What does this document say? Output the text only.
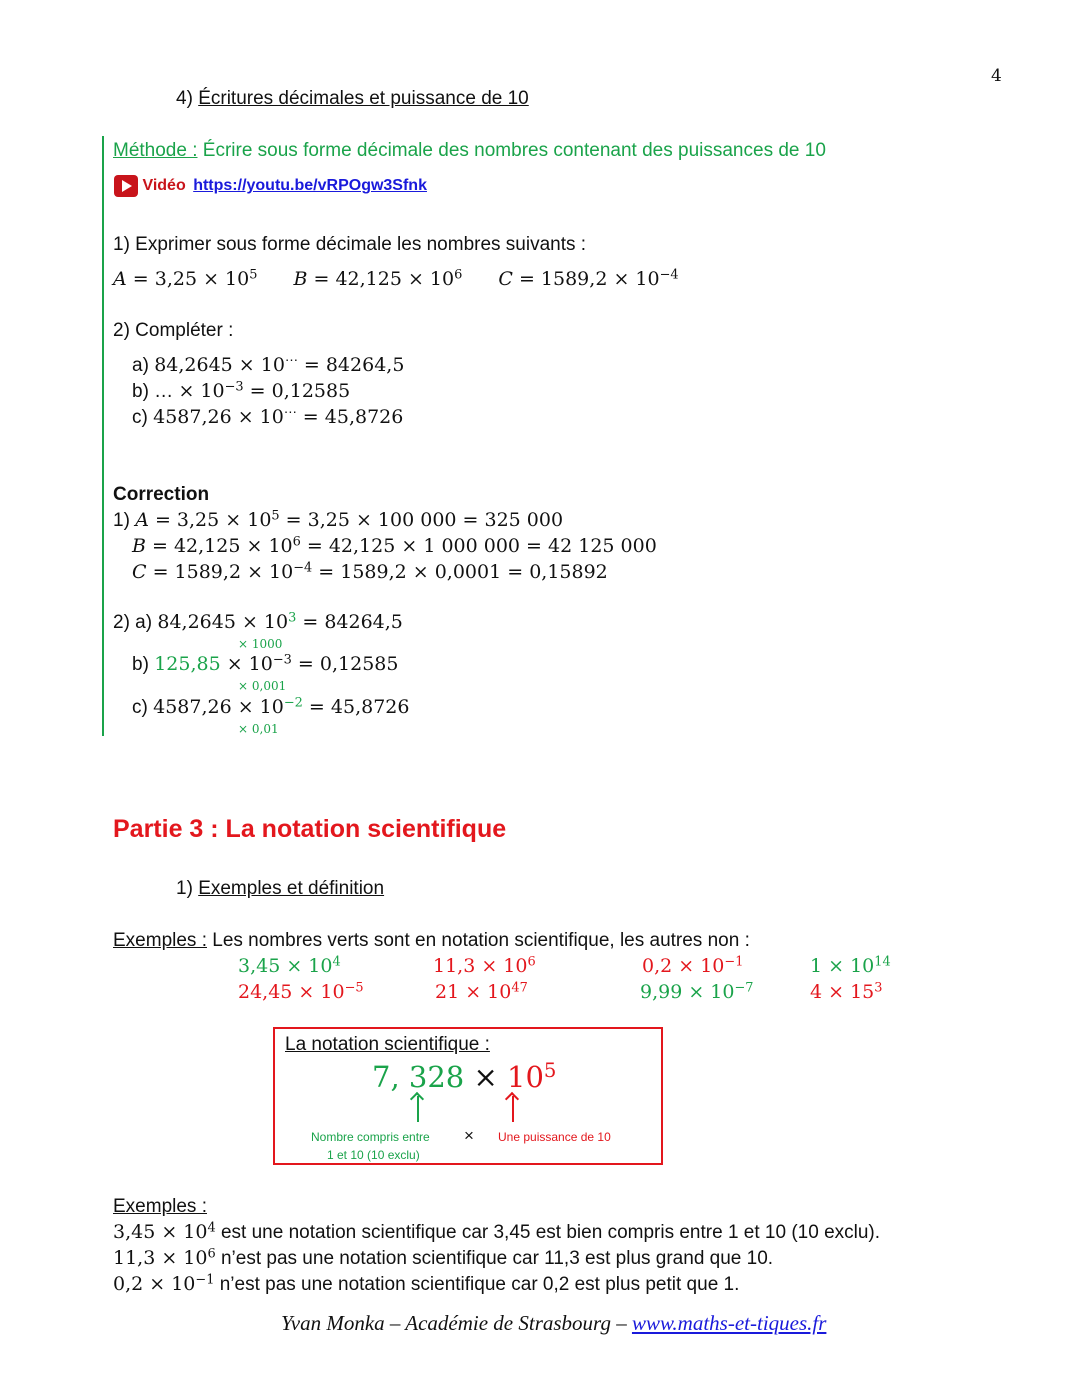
4
4) Écritures décimales et puissance de 10
Méthode : Écrire sous forme décimale des nombres contenant des puissances de 10
Vidéo https://youtu.be/vRPOgw3Sfnk
1) Exprimer sous forme décimale les nombres suivants :
$A = 3,25 \times 10^5$ $B = 42,125 \times 10^6$ $C = 1589,2 \times 10^{-4}$
2) Compléter :
a) 84,2645 × 10⋯ = 84264,5
b) … × $10^{-3} = 0,12585$
c) 4587,26 × 10⋯ = 45,8726
Correction
1) $A = 3,25 \times 10^5 = 3,25 \times 100$ 000 = 325 000
$B = 42,125 \times 10^6 = 42,125 \times 1$ 000 000 = 42 125 000
$C = 1589,2 \times 10^{-4} = 1589,2 \times 0,0001 = 0,15892$
2) a) $84,2645 \times 10^3 = 84264,5$
× 1000
b) $125,85 \times 10^{-3} = 0,12585$
× 0,001
c) $4587,26 \times 10^{-2} = 45,8726$
× 0,01
Partie 3 : La notation scientifique
1) Exemples et définition
Exemples : Les nombres verts sont en notation scientifique, les autres non :
$3,45 \times 10^4$	$11,3 \times 10^6$	$0,2 \times 10^{-1}$	$1 \times 10^{14}$
$24,45 \times 10^{-5}$	$21 \times 10^{47}$	$9,99 \times 10^{-7}$	$4 \times 15^3$
La notation scientifique :
7, $328 \times 10^5$
Nombre compris entre
1 et 10 (10 exclu)
× Une puissance de 10
Exemples :
$3,45 \times 10^4$ est une notation scientifique car 3,45 est bien compris entre 1 et 10 (10 exclu).
$11,3 \times 10^6$ n’est pas une notation scientifique car 11,3 est plus grand que 10.
$0,2 \times 10^{-1}$ n’est pas une notation scientifique car 0,2 est plus petit que 1.
Yvan Monka – Académie de Strasbourg – www.maths-et-tiques.fr
